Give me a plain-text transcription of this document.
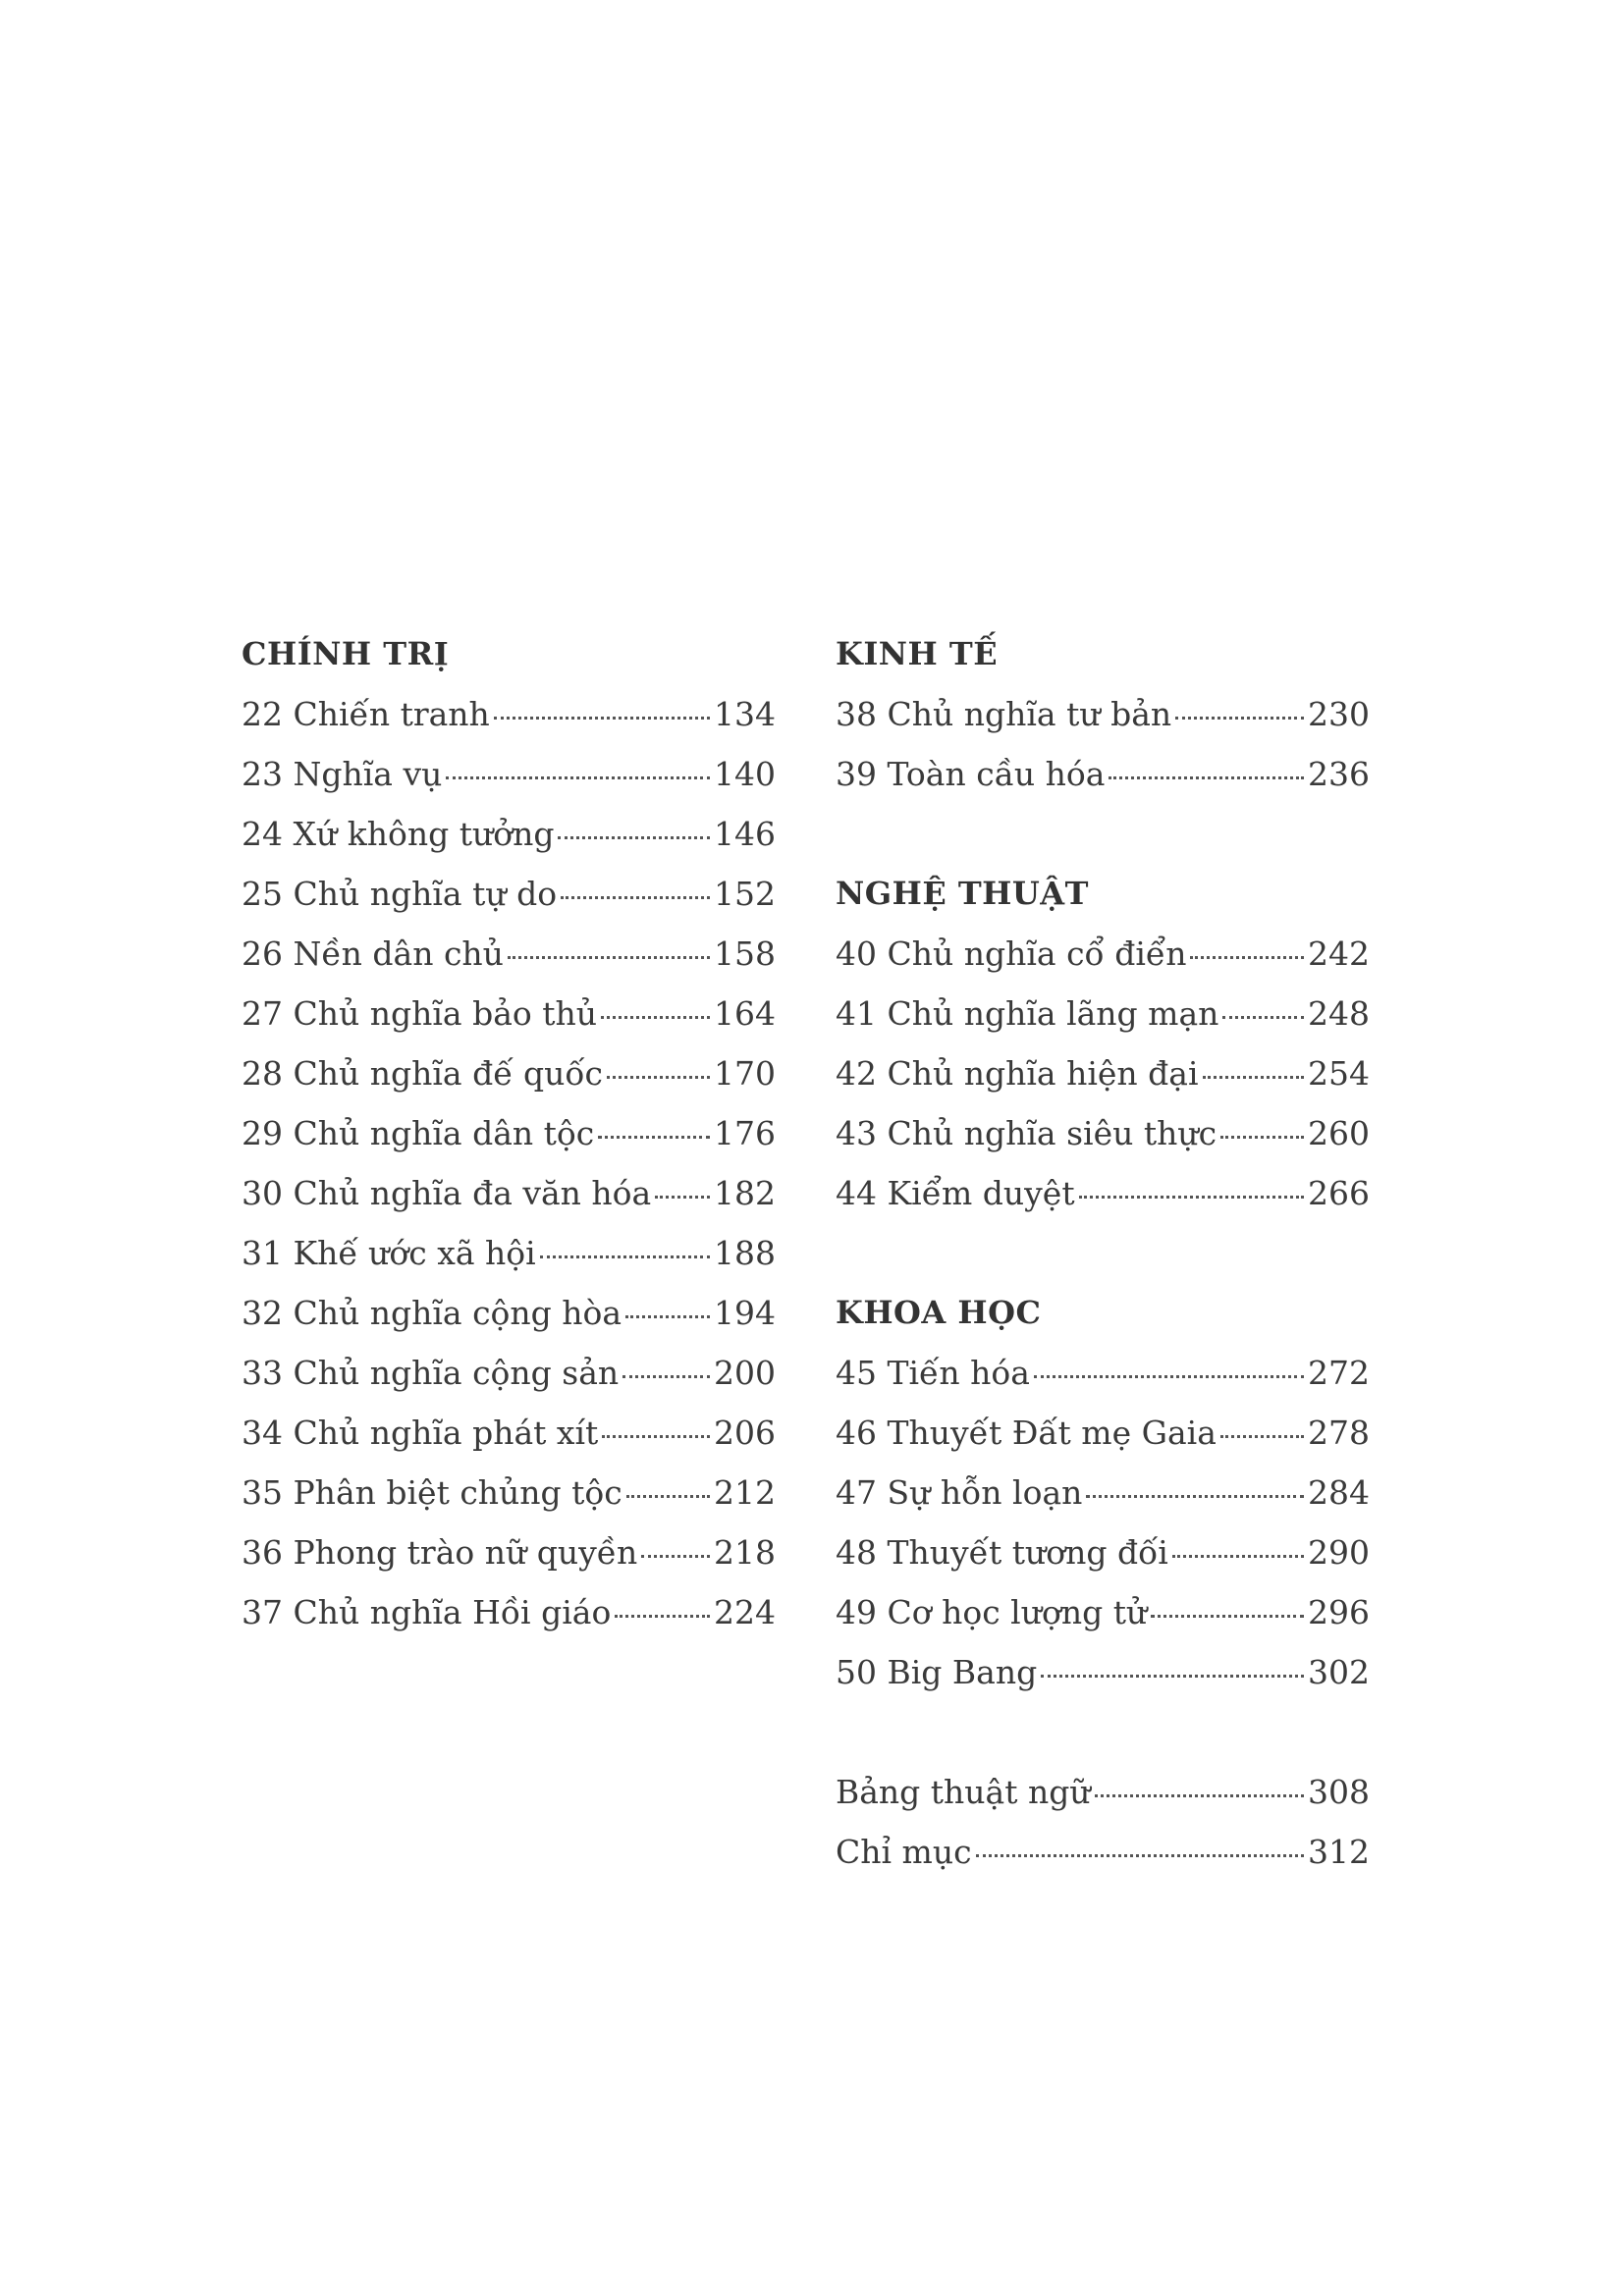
CHÍNH TRỊ
22 Chiến tranh	134
23 Nghĩa vụ	140
24 Xứ không tưởng	146
25 Chủ nghĩa tự do	152
26 Nền dân chủ	158
27 Chủ nghĩa bảo thủ	164
28 Chủ nghĩa đế quốc	170
29 Chủ nghĩa dân tộc	176
30 Chủ nghĩa đa văn hóa 182
31 Khế ước xã hội	188
32 Chủ nghĩa cộng hòa	194
33 Chủ nghĩa cộng sản	200
34 Chủ nghĩa phát xít	206
35 Phân biệt chủng tộc	212
36 Phong trào nữ quyền 218
37 Chủ nghĩa Hồi giáo	224
KINH TẾ
38 Chủ nghĩa tư bản	230
39 Toàn cầu hóa	236
NGHỆ THUẬT
40 Chủ nghĩa cổ điển	242
41 Chủ nghĩa lãng mạn	248
42 Chủ nghĩa hiện đại	254
43 Chủ nghĩa siêu thực	260
44 Kiểm duyệt	266
KHOA HỌC
45 Tiến hóa	272
46 Thuyết Đất mẹ Gaia	278
47 Sự hỗn loạn	284
48 Thuyết tương đối	290
49 Cơ học lượng tử	296
50 Big Bang	302
Bảng thuật ngữ	308
Chỉ mục	312
